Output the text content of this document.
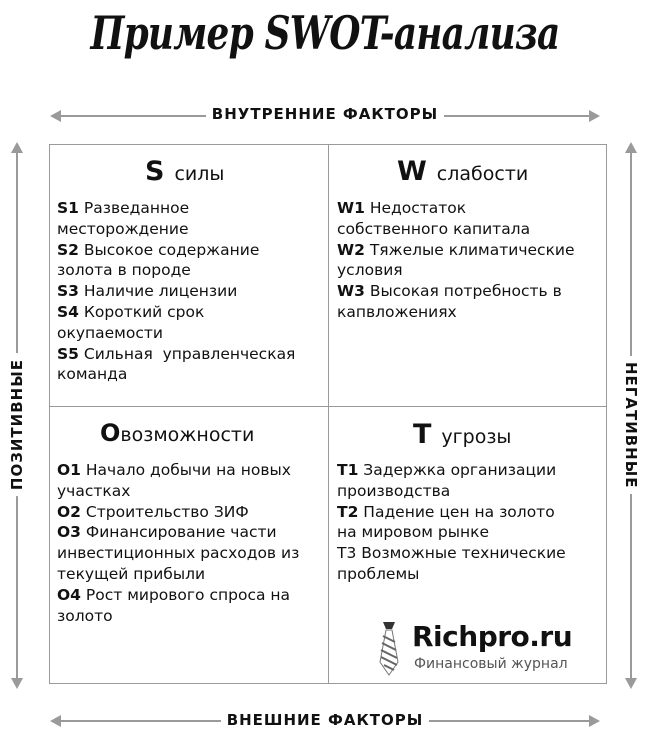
Пример SWOT-анализа
ВНУТРЕННИЕ ФАКТОРЫ
ВНЕШНИЕ ФАКТОРЫ
ПОЗИТИВНЫЕ	НЕГАТИВНЫЕ
S силы
S1 Разведанное
месторождение
S2 Высокое содержание
золота в породе
S3 Наличие лицензии
S4 Короткий срок
окупаемости
S5 Сильная  управленческая
команда
W слабости
W1 Недостаток
собственного капитала
W2 Тяжелые климатические
условия
W3 Высокая потребность в
капвложениях
Овозможности
О1 Начало добычи на новых
участках
О2 Строительство ЗИФ
О3 Финансирование части
инвестиционных расходов из
текущей прибыли
О4 Рост мирового спроса на
золото
Т угрозы
Т1 Задержка организации
производства
Т2 Падение цен на золото
на мировом рынке
Т3 Возможные технические
проблемы
Richpro.ru
Финансовый журнал
